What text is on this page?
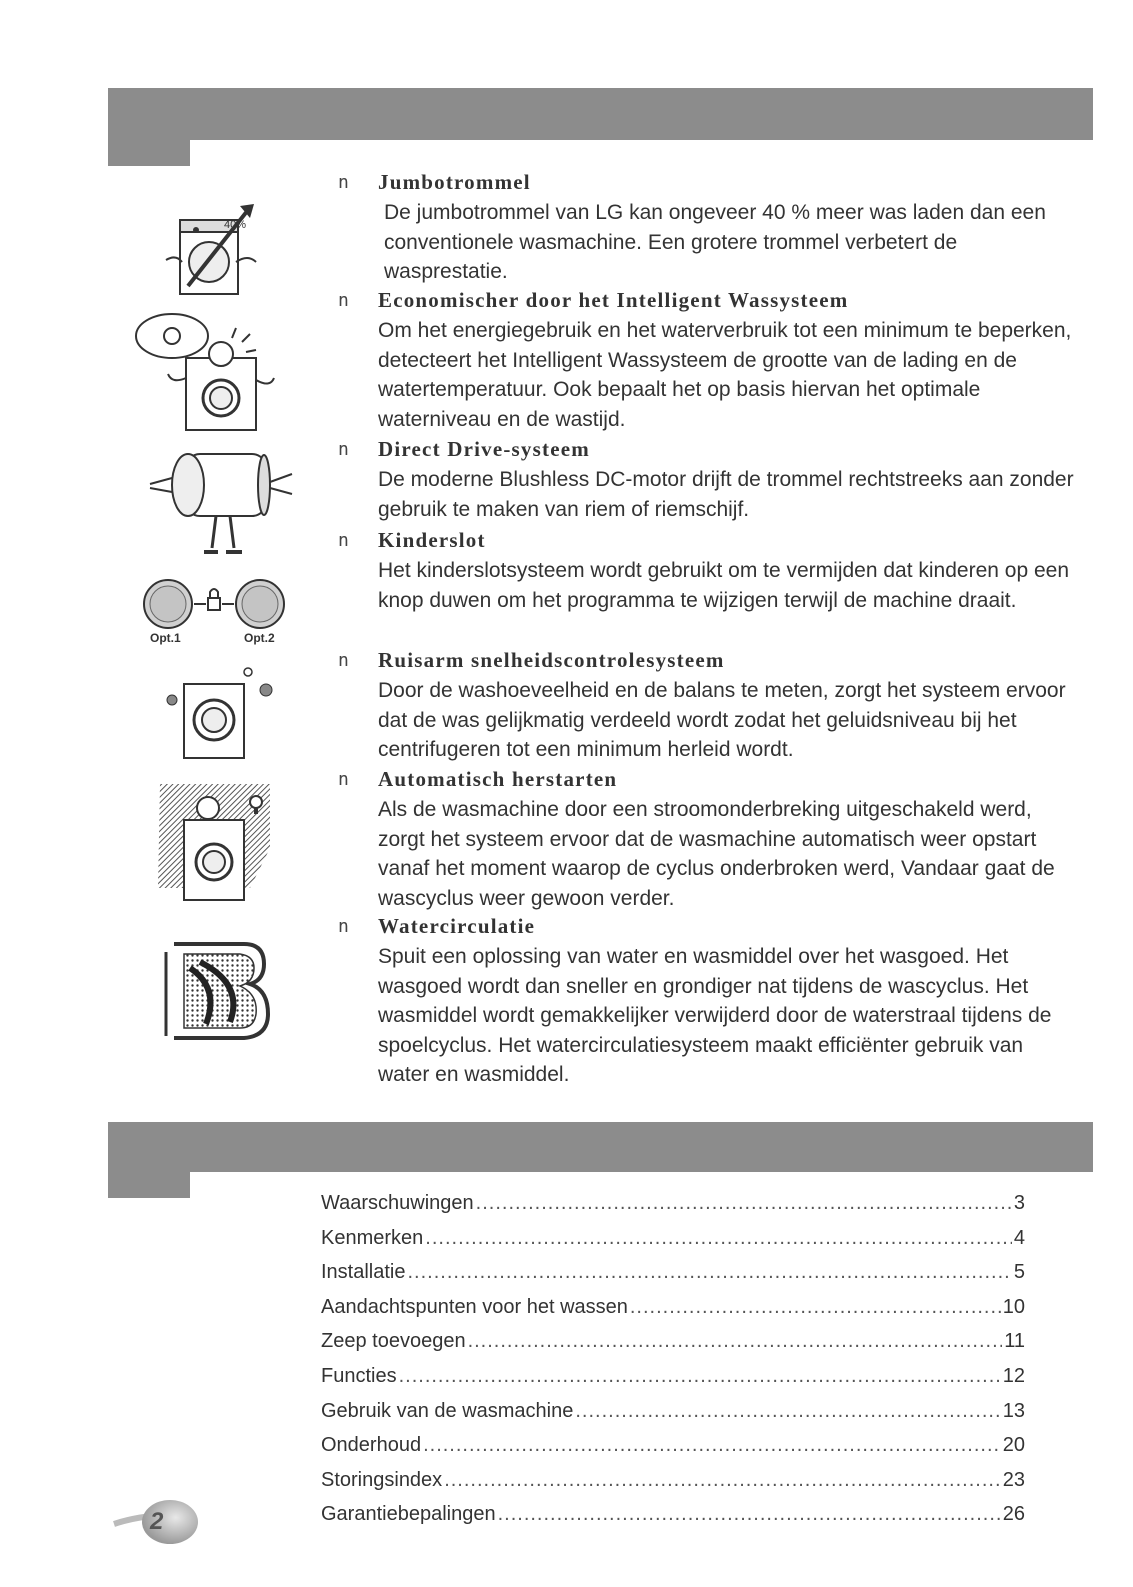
n Jumbotrommel
De jumbotrommel van LG kan ongeveer 40 % meer was laden dan een conventionele wasmachine. Een grotere trommel verbetert de wasprestatie.
40%
n Economischer door het Intelligent Wassysteem
Om het energiegebruik en het waterverbruik tot een minimum te beperken, detecteert het Intelligent Wassysteem de grootte van de lading en de watertemperatuur. Ook bepaalt het op basis hiervan het optimale waterniveau en de wastijd.
n Direct Drive-systeem
De moderne Blushless DC-motor drijft de trommel rechtstreeks aan zonder gebruik te maken van riem of riemschijf.
n Kinderslot
Het kinderslotsysteem wordt gebruikt om te vermijden dat kinderen op een knop duwen om het programma te wijzigen terwijl de machine draait.
Opt.1	Opt.2
n Ruisarm snelheidscontrolesysteem
Door de washoeveelheid en de balans te meten, zorgt het systeem ervoor dat de was gelijkmatig verdeeld wordt zodat het geluidsniveau bij het centrifugeren tot een minimum herleid wordt.
n Automatisch herstarten
Als de wasmachine door een stroomonderbreking uitgeschakeld werd, zorgt het systeem ervoor dat de wasmachine automatisch weer opstart vanaf het moment waarop de cyclus onderbroken werd, Vandaar gaat de wascyclus weer gewoon verder.
n Watercirculatie
Spuit een oplossing van water en wasmiddel over het wasgoed. Het wasgoed wordt dan sneller en grondiger nat tijdens de wascyclus. Het wasmiddel wordt gemakkelijker verwijderd door de waterstraal tijdens de spoelcyclus. Het watercirculatiesysteem maakt efficiënter gebruik van water en wasmiddel.
Waarschuwingen .....	3
Kenmerken .....	4
Installatie .....	5
Aandachtspunten voor het wassen .....	10
Zeep toevoegen .....	11
Functies .....	12
Gebruik van de wasmachine .....	13
Onderhoud .....	20
Storingsindex .....	23
Garantiebepalingen .....	26
2
